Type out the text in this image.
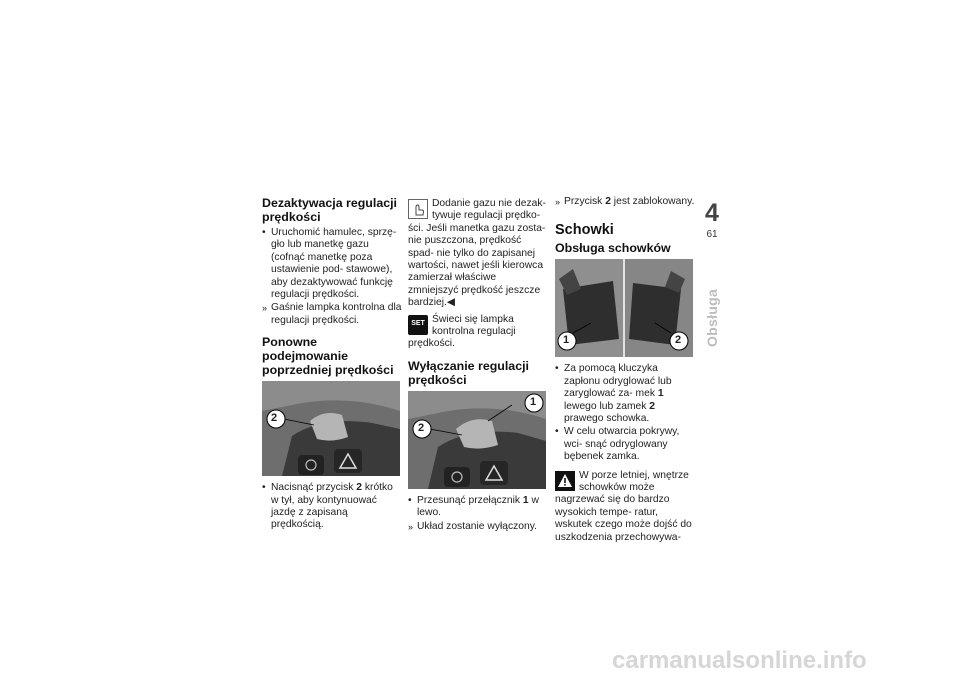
Dezaktywacja regulacji prędkości
• Uruchomić hamulec, sprzę- gło lub manetkę gazu (cofnąć manetkę poza ustawienie pod- stawowe), aby dezaktywować funkcję regulacji prędkości.
» Gaśnie lampka kontrolna dla regulacji prędkości.
Ponowne podejmowanie poprzedniej prędkości
2
• Nacisnąć przycisk 2 krótko w tył, aby kontynuować jazdę z zapisaną prędkością.
Dodanie gazu nie dezak- tywuje regulacji prędko- ści. Jeśli manetka gazu zosta- nie puszczona, prędkość spad- nie tylko do zapisanej wartości, nawet jeśli kierowca zamierzał właściwe zmniejszyć prędkość jeszcze bardziej.◀
SET Świeci się lampka kontrolna regulacji prędkości.
Wyłączanie regulacji prędkości
1
2
• Przesunąć przełącznik 1 w lewo.
» Układ zostanie wyłączony.
» Przycisk 2 jest zablokowany.
Schowki
Obsługa schowków
1	2
• Za pomocą kluczyka zapłonu odryglować lub zaryglować za- mek 1 lewego lub zamek 2 prawego schowka.
• W celu otwarcia pokrywy, wci- snąć odryglowany bębenek zamka.
W porze letniej, wnętrze schowków może nagrzewać się do bardzo wysokich tempe- ratur, wskutek czego może dojść do uszkodzenia przechowywa-
4
61
Obsługa
carmanualsonline.info
